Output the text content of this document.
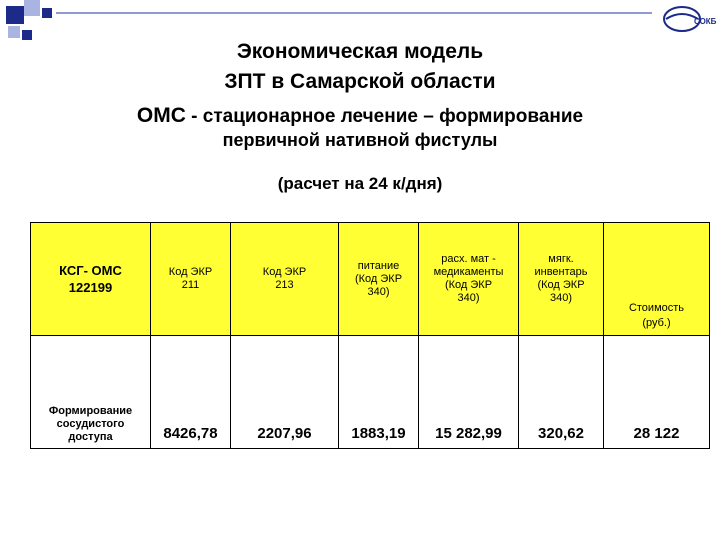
СОКБ
Экономическая модель
ЗПТ в Самарской области
ОМС - стационарное лечение – формирование
первичной нативной фистулы
(расчет на 24 к/дня)
КСГ- ОМС
122199	Код ЭКР
211	Код ЭКР
213	питание
(Код ЭКР
340)	расх. мат -
медикаменты
(Код ЭКР
340)	мягк.
инвентарь
(Код ЭКР
340)	Стоимость
(руб.)
Формирование
сосудистого
доступа	8426,78	2207,96	1883,19	15 282,99	320,62	28 122
